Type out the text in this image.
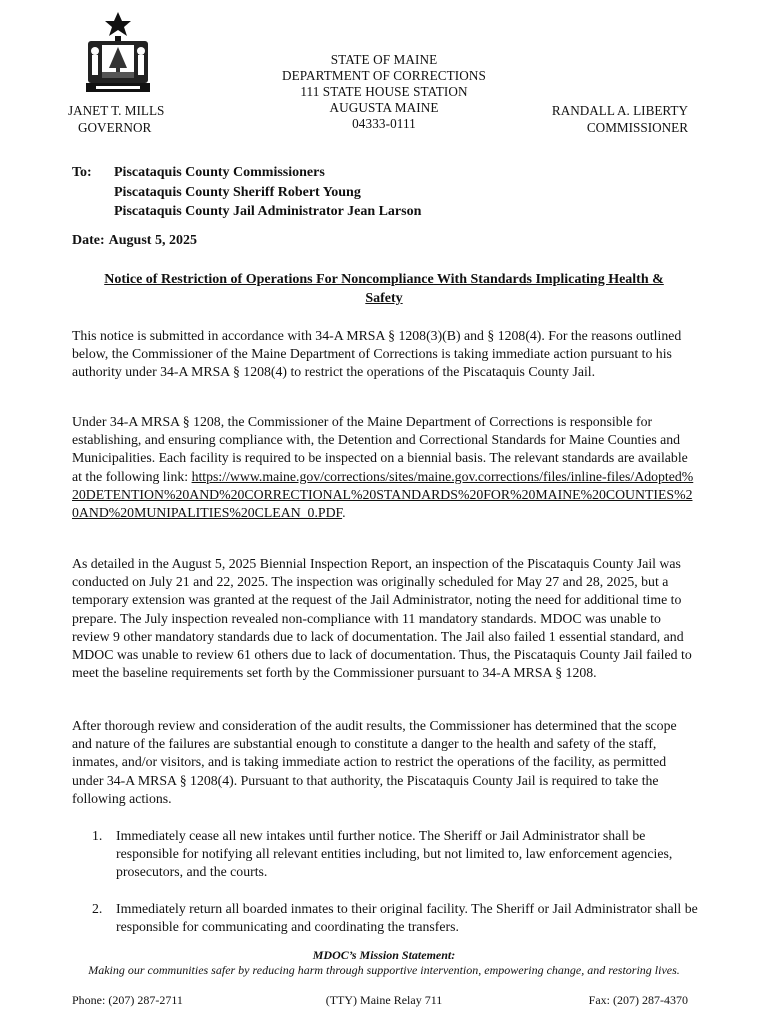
STATE OF MAINE
DEPARTMENT OF CORRECTIONS
111 STATE HOUSE STATION
AUGUSTA MAINE
04333-0111
JANET T. MILLS
GOVERNOR
RANDALL A. LIBERTY
COMMISSIONER
To: Piscataquis County Commissioners
Piscataquis County Sheriff Robert Young
Piscataquis County Jail Administrator Jean Larson
Date: August 5, 2025
Notice of Restriction of Operations For Noncompliance With Standards Implicating Health & Safety
This notice is submitted in accordance with 34-A MRSA § 1208(3)(B) and § 1208(4). For the reasons outlined below, the Commissioner of the Maine Department of Corrections is taking immediate action pursuant to his authority under 34-A MRSA § 1208(4) to restrict the operations of the Piscataquis County Jail.
Under 34-A MRSA § 1208, the Commissioner of the Maine Department of Corrections is responsible for establishing, and ensuring compliance with, the Detention and Correctional Standards for Maine Counties and Municipalities. Each facility is required to be inspected on a biennial basis. The relevant standards are available at the following link: https://www.maine.gov/corrections/sites/maine.gov.corrections/files/inline-files/Adopted%20DETENTION%20AND%20CORRECTIONAL%20STANDARDS%20FOR%20MAINE%20COUNTIES%20AND%20MUNIPALITIES%20CLEAN_0.PDF.
As detailed in the August 5, 2025 Biennial Inspection Report, an inspection of the Piscataquis County Jail was conducted on July 21 and 22, 2025. The inspection was originally scheduled for May 27 and 28, 2025, but a temporary extension was granted at the request of the Jail Administrator, noting the need for additional time to prepare. The July inspection revealed non-compliance with 11 mandatory standards. MDOC was unable to review 9 other mandatory standards due to lack of documentation. The Jail also failed 1 essential standard, and MDOC was unable to review 61 others due to lack of documentation. Thus, the Piscataquis County Jail failed to meet the baseline requirements set forth by the Commissioner pursuant to 34-A MRSA § 1208.
After thorough review and consideration of the audit results, the Commissioner has determined that the scope and nature of the failures are substantial enough to constitute a danger to the health and safety of the staff, inmates, and/or visitors, and is taking immediate action to restrict the operations of the facility, as permitted under 34-A MRSA § 1208(4). Pursuant to that authority, the Piscataquis County Jail is required to take the following actions.
1. Immediately cease all new intakes until further notice. The Sheriff or Jail Administrator shall be responsible for notifying all relevant entities including, but not limited to, law enforcement agencies, prosecutors, and the courts.
2. Immediately return all boarded inmates to their original facility. The Sheriff or Jail Administrator shall be responsible for communicating and coordinating the transfers.
MDOC’s Mission Statement:
Making our communities safer by reducing harm through supportive intervention, empowering change, and restoring lives.
Phone: (207) 287-2711	(TTY) Maine Relay 711	Fax: (207) 287-4370
